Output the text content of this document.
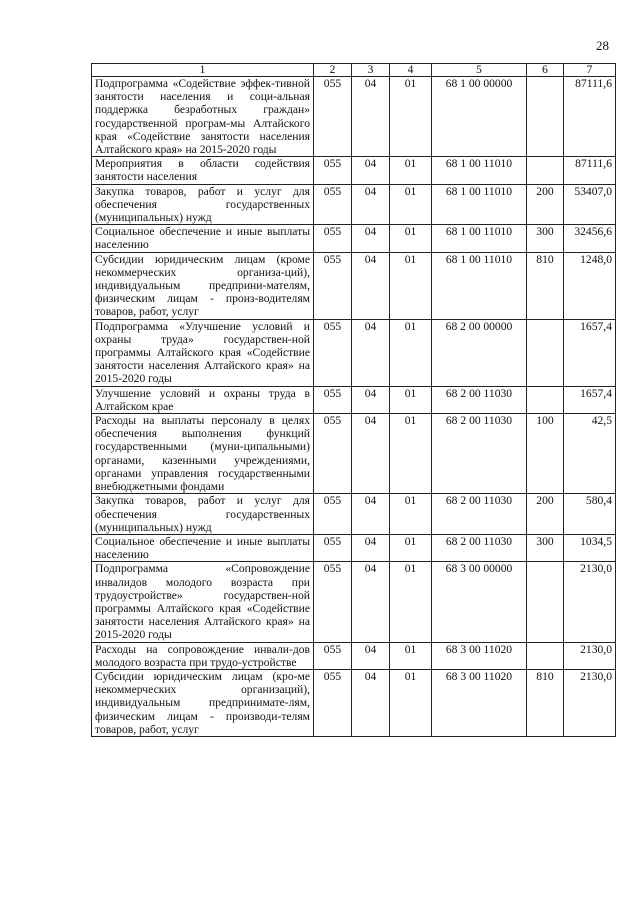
28
1	2	3	4	5	6	7
Подпрограмма «Содействие эффек-тивной занятости населения и соци-альная поддержка безработных граждан» государственной програм-мы Алтайского края «Содействие занятости населения Алтайского края» на 2015-2020 годы	055	04	01	68 1 00 00000		87111,6
Мероприятия в области содействия занятости населения	055	04	01	68 1 00 11010		87111,6
Закупка товаров, работ и услуг для обеспечения государственных (муниципальных) нужд	055	04	01	68 1 00 11010	200	53407,0
Социальное обеспечение и иные выплаты населению	055	04	01	68 1 00 11010	300	32456,6
Субсидии юридическим лицам (кроме некоммерческих организа-ций), индивидуальным предприни-мателям, физическим лицам - произ-водителям товаров, работ, услуг	055	04	01	68 1 00 11010	810	1248,0
Подпрограмма «Улучшение условий и охраны труда» государствен-ной программы Алтайского края «Содействие занятости населения Алтайского края» на 2015-2020 годы	055	04	01	68 2 00 00000		1657,4
Улучшение условий и охраны труда в Алтайском крае	055	04	01	68 2 00 11030		1657,4
Расходы на выплаты персоналу в целях обеспечения выполнения функций государственными (муни-ципальными) органами, казенными учреждениями, органами управления государственными внебюджетными фондами	055	04	01	68 2 00 11030	100	42,5
Закупка товаров, работ и услуг для обеспечения государственных (муниципальных) нужд	055	04	01	68 2 00 11030	200	580,4
Социальное обеспечение и иные выплаты населению	055	04	01	68 2 00 11030	300	1034,5
Подпрограмма «Сопровождение инвалидов молодого возраста при трудоустройстве» государствен-ной программы Алтайского края «Содействие занятости населения Алтайского края» на 2015-2020 годы	055	04	01	68 3 00 00000		2130,0
Расходы на сопровождение инвали-дов молодого возраста при трудо-устройстве	055	04	01	68 3 00 11020		2130,0
Субсидии юридическим лицам (кро-ме некоммерческих организаций), индивидуальным предпринимате-лям, физическим лицам - производи-телям товаров, работ, услуг	055	04	01	68 3 00 11020	810	2130,0
